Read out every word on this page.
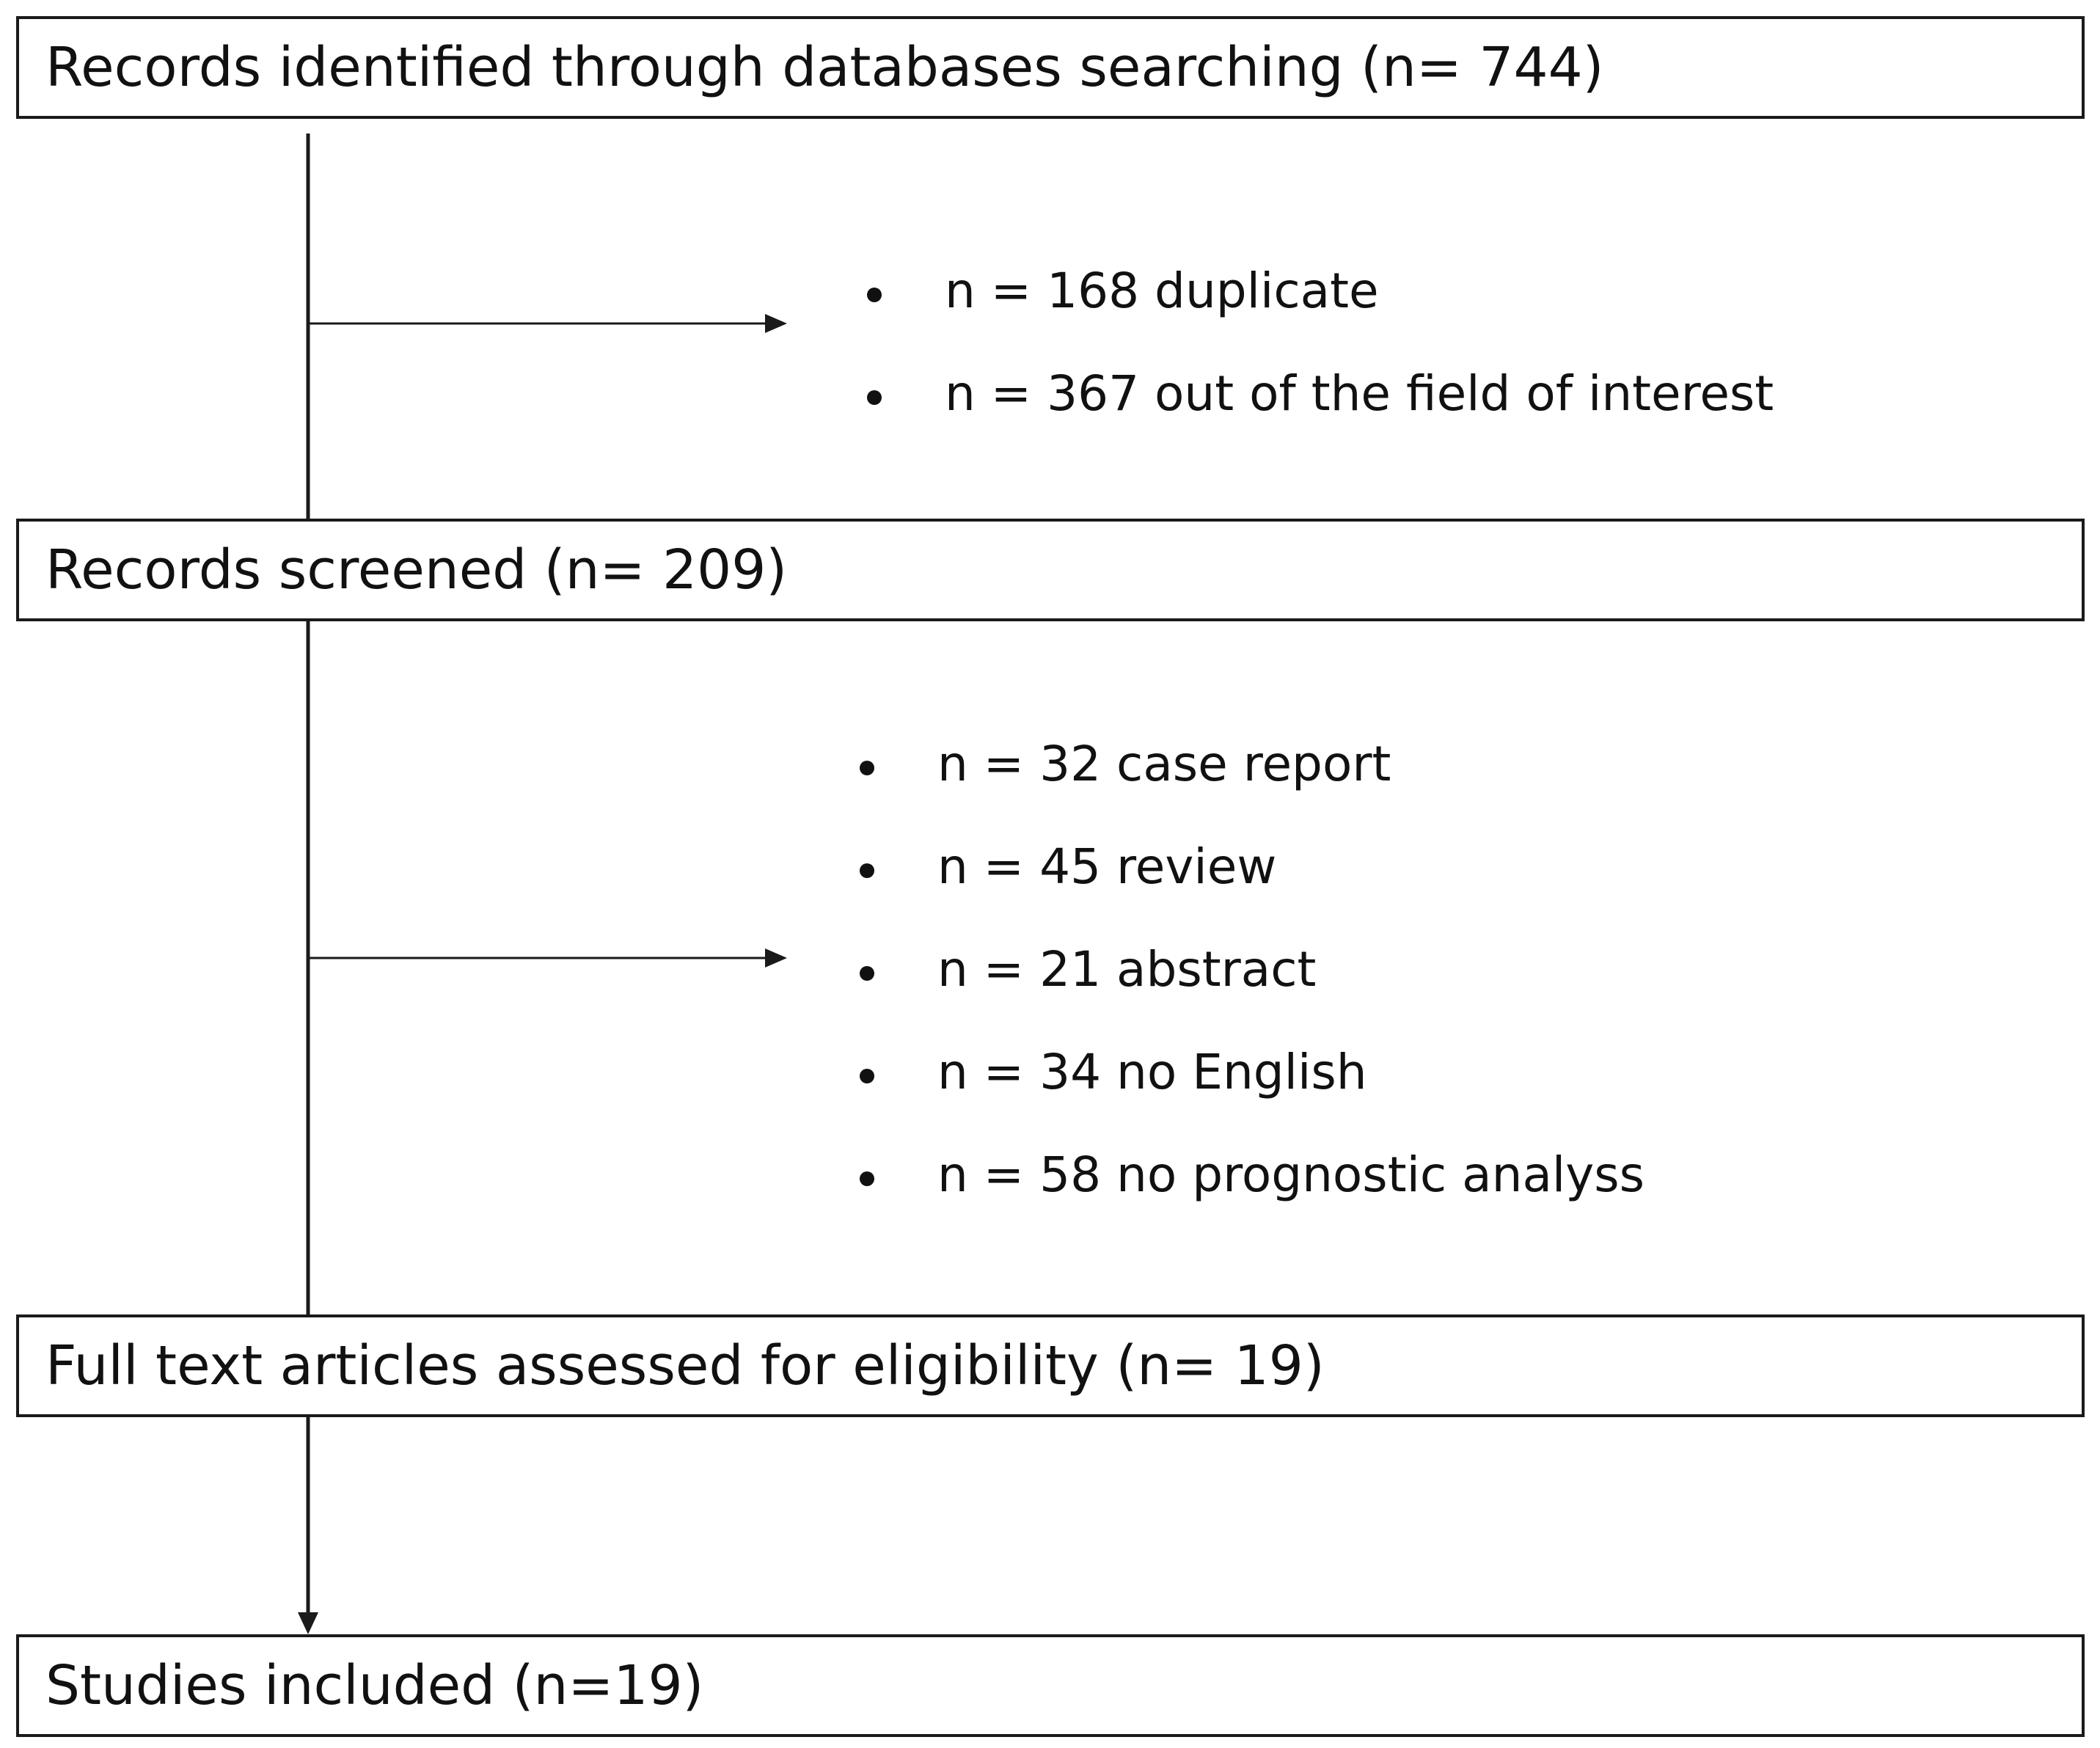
Records identified through databases searching (n= 744)
n = 168 duplicate
n = 367 out of the field of interest
Records screened (n= 209)
n = 32 case report
n = 45 review
n = 21 abstract
n = 34 no English
n = 58 no prognostic analyss
Full text articles assessed for eligibility (n= 19)
Studies included (n=19)
